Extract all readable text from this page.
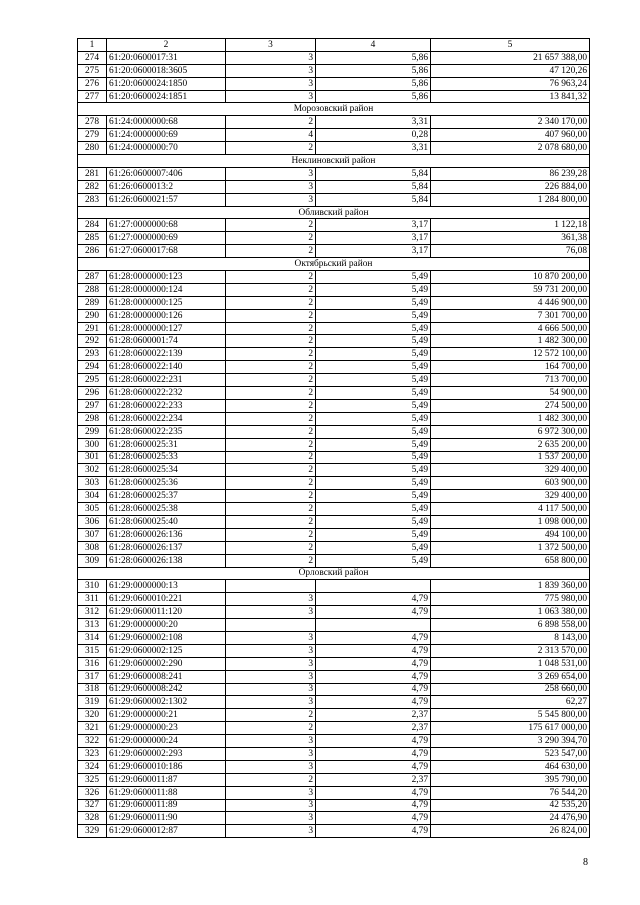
1	2	3	4	5
274	61:20:0600017:31	3	5,86	21 657 388,00
275	61:20:0600018:3605	3	5,86	47 120,26
276	61:20:0600024:1850	3	5,86	76 963,24
277	61:20:0600024:1851	3	5,86	13 841,32
Морозовский район				
278	61:24:0000000:68	2	3,31	2 340 170,00
279	61:24:0000000:69	4	0,28	407 960,00
280	61:24:0000000:70	2	3,31	2 078 680,00
Неклиновский район				
281	61:26:0600007:406	3	5,84	86 239,28
282	61:26:0600013:2	3	5,84	226 884,00
283	61:26:0600021:57	3	5,84	1 284 800,00
Обливский район				
284	61:27:0000000:68	2	3,17	1 122,18
285	61:27:0000000:69	2	3,17	361,38
286	61:27:0600017:68	2	3,17	76,08
Октябрьский район				
287	61:28:0000000:123	2	5,49	10 870 200,00
288	61:28:0000000:124	2	5,49	59 731 200,00
289	61:28:0000000:125	2	5,49	4 446 900,00
290	61:28:0000000:126	2	5,49	7 301 700,00
291	61:28:0000000:127	2	5,49	4 666 500,00
292	61:28:0600001:74	2	5,49	1 482 300,00
293	61:28:0600022:139	2	5,49	12 572 100,00
294	61:28:0600022:140	2	5,49	164 700,00
295	61:28:0600022:231	2	5,49	713 700,00
296	61:28:0600022:232	2	5,49	54 900,00
297	61:28:0600022:233	2	5,49	274 500,00
298	61:28:0600022:234	2	5,49	1 482 300,00
299	61:28:0600022:235	2	5,49	6 972 300,00
300	61:28:0600025:31	2	5,49	2 635 200,00
301	61:28:0600025:33	2	5,49	1 537 200,00
302	61:28:0600025:34	2	5,49	329 400,00
303	61:28:0600025:36	2	5,49	603 900,00
304	61:28:0600025:37	2	5,49	329 400,00
305	61:28:0600025:38	2	5,49	4 117 500,00
306	61:28:0600025:40	2	5,49	1 098 000,00
307	61:28:0600026:136	2	5,49	494 100,00
308	61:28:0600026:137	2	5,49	1 372 500,00
309	61:28:0600026:138	2	5,49	658 800,00
Орловский район				
310	61:29:0000000:13			1 839 360,00
311	61:29:0600010:221	3	4,79	775 980,00
312	61:29:0600011:120	3	4,79	1 063 380,00
313	61:29:0000000:20			6 898 558,00
314	61:29:0600002:108	3	4,79	8 143,00
315	61:29:0600002:125	3	4,79	2 313 570,00
316	61:29:0600002:290	3	4,79	1 048 531,00
317	61:29:0600008:241	3	4,79	3 269 654,00
318	61:29:0600008:242	3	4,79	258 660,00
319	61:29:0600002:1302	3	4,79	62,27
320	61:29:0000000:21	2	2,37	5 545 800,00
321	61:29:0000000:23	2	2,37	175 617 000,00
322	61:29:0000000:24	3	4,79	3 290 394,70
323	61:29:0600002:293	3	4,79	523 547,00
324	61:29:0600010:186	3	4,79	464 630,00
325	61:29:0600011:87	2	2,37	395 790,00
326	61:29:0600011:88	3	4,79	76 544,20
327	61:29:0600011:89	3	4,79	42 535,20
328	61:29:0600011:90	3	4,79	24 476,90
329	61:29:0600012:87	3	4,79	26 824,00
8
